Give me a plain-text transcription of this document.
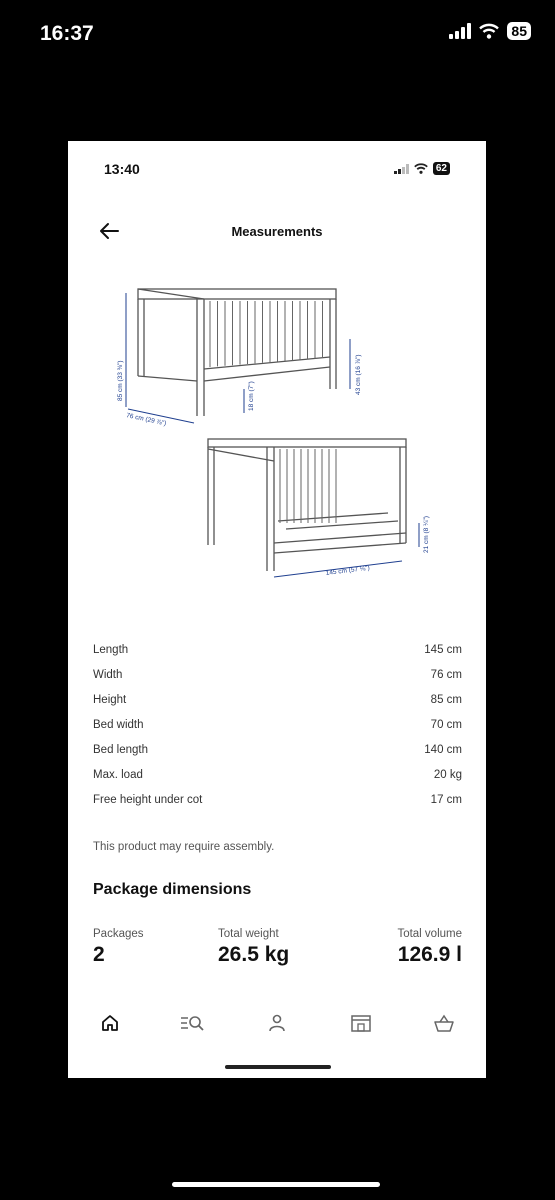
16:37	85
13:40	62
Measurements
85 cm (33 ⅜")
76 cm (29 ⅞")
18 cm (7")
43 cm (16 ⅞")
21 cm (8 ¼")
145 cm (57 ⅛")
Length	145 cm
Width	76 cm
Height	85 cm
Bed width	70 cm
Bed length	140 cm
Max. load	20 kg
Free height under cot	17 cm
This product may require assembly.
Package dimensions
Packages
2
Total weight
26.5 kg
Total volume
126.9 l
